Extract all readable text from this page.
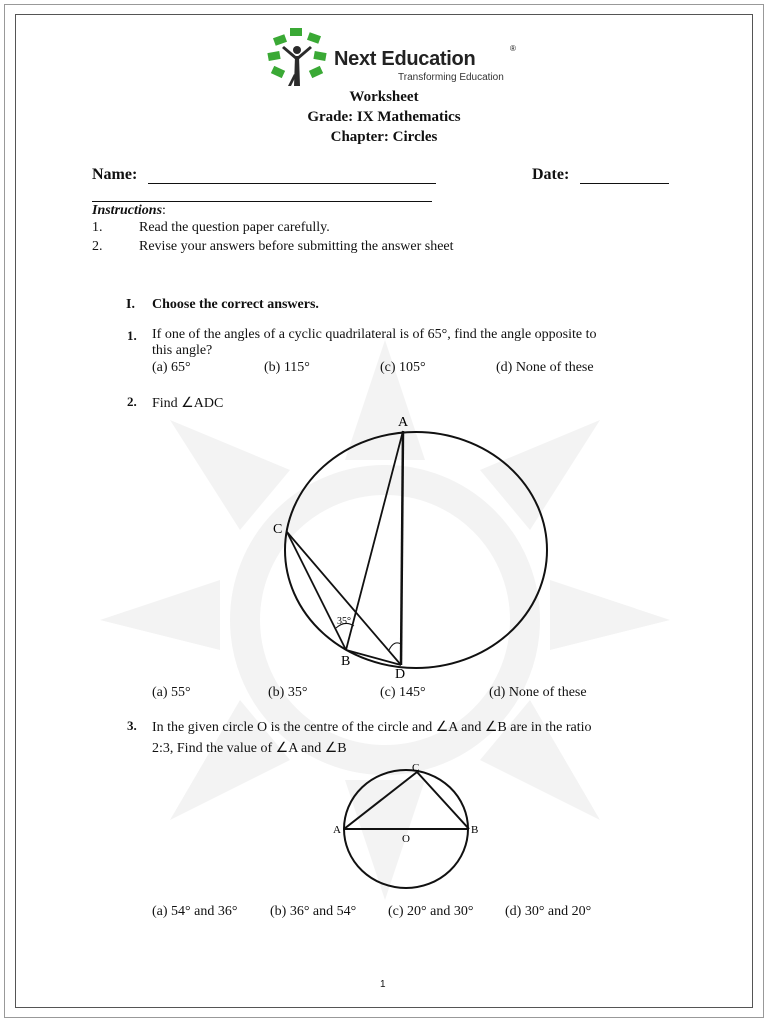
Next Education	®
Transforming Education
Worksheet
Grade: IX Mathematics
Chapter: Circles
Name:	Date:
Instructions:
1.	Read the question paper carefully.
2.	Revise your answers before submitting the answer sheet
I. Choose the correct answers.
1. If one of the angles of a cyclic quadrilateral is of 65°, find the angle opposite to
this angle?
(a) 65°	(b) 115°	(c) 105°	(d) None of these
2. Find ∠ADC
A
C
B
D
35°
(a) 55°	(b) 35°	(c) 145°	(d) None of these
3. In the given circle O is the centre of the circle and ∠A and ∠B are in the ratio
2:3, Find the value of ∠A and ∠B
C
A	B
O
(a) 54° and 36° (b) 36° and 54° (c) 20° and 30° (d) 30° and 20°
1
